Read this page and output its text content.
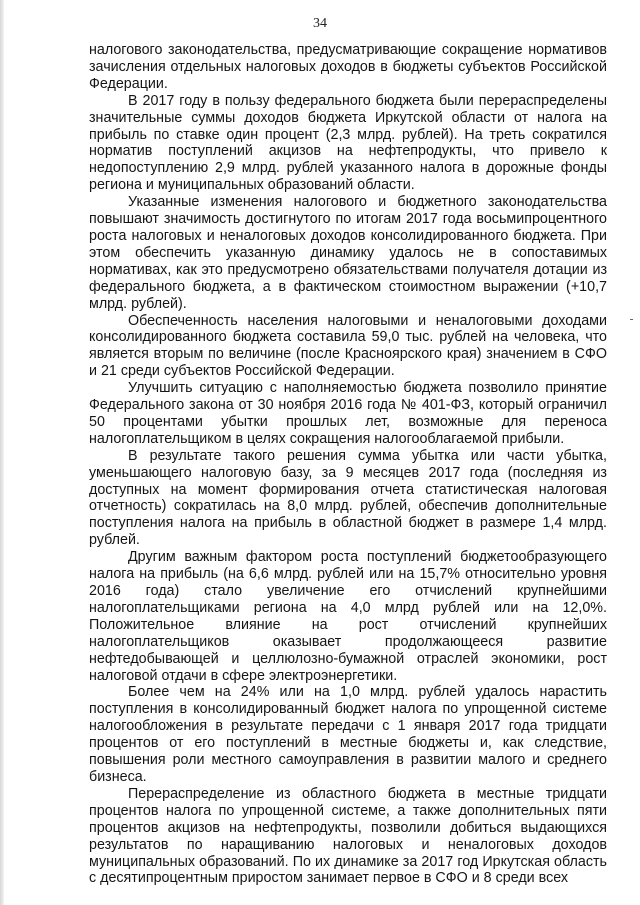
34

налогового законодательства, предусматривающие сокращение нормативов зачисления отдельных налоговых доходов в бюджеты субъектов Российской Федерации.

В 2017 году в пользу федерального бюджета были перераспределены значительные суммы доходов бюджета Иркутской области от налога на прибыль по ставке один процент (2,3 млрд. рублей). На треть сократился норматив поступлений акцизов на нефтепродукты, что привело к недопоступлению 2,9 млрд. рублей указанного налога в дорожные фонды региона и муниципальных образований области.

Указанные изменения налогового и бюджетного законодательства повышают значимость достигнутого по итогам 2017 года восьмипроцентного роста налоговых и неналоговых доходов консолидированного бюджета. При этом обеспечить указанную динамику удалось не в сопоставимых нормативах, как это предусмотрено обязательствами получателя дотации из федерального бюджета, а в фактическом стоимостном выражении (+10,7 млрд. рублей).

Обеспеченность населения налоговыми и неналоговыми доходами консолидированного бюджета составила 59,0 тыс. рублей на человека, что является вторым по величине (после Красноярского края) значением в СФО и 21 среди субъектов Российской Федерации.

Улучшить ситуацию с наполняемостью бюджета позволило принятие Федерального закона от 30 ноября 2016 года № 401-ФЗ, который ограничил 50 процентами убытки прошлых лет, возможные для переноса налогоплательщиком в целях сокращения налогооблагаемой прибыли.

В результате такого решения сумма убытка или части убытка, уменьшающего налоговую базу, за 9 месяцев 2017 года (последняя из доступных на момент формирования отчета статистическая налоговая отчетность) сократилась на 8,0 млрд. рублей, обеспечив дополнительные поступления налога на прибыль в областной бюджет в размере 1,4 млрд. рублей.

Другим важным фактором роста поступлений бюджетообразующего налога на прибыль (на 6,6 млрд. рублей или на 15,7% относительно уровня 2016 года) стало увеличение его отчислений крупнейшими налогоплательщиками региона на 4,0 млрд рублей или на 12,0%. Положительное влияние на рост отчислений крупнейших налогоплательщиков оказывает продолжающееся развитие нефтедобывающей и целлюлозно-бумажной отраслей экономики, рост налоговой отдачи в сфере электроэнергетики.

Более чем на 24% или на 1,0 млрд. рублей удалось нарастить поступления в консолидированный бюджет налога по упрощенной системе налогообложения в результате передачи с 1 января 2017 года тридцати процентов от его поступлений в местные бюджеты и, как следствие, повышения роли местного самоуправления в развитии малого и среднего бизнеса.

Перераспределение из областного бюджета в местные тридцати процентов налога по упрощенной системе, а также дополнительных пяти процентов акцизов на нефтепродукты, позволили добиться выдающихся результатов по наращиванию налоговых и неналоговых доходов муниципальных образований. По их динамике за 2017 год Иркутская область с десятипроцентным приростом занимает первое в СФО и 8 среди всех
